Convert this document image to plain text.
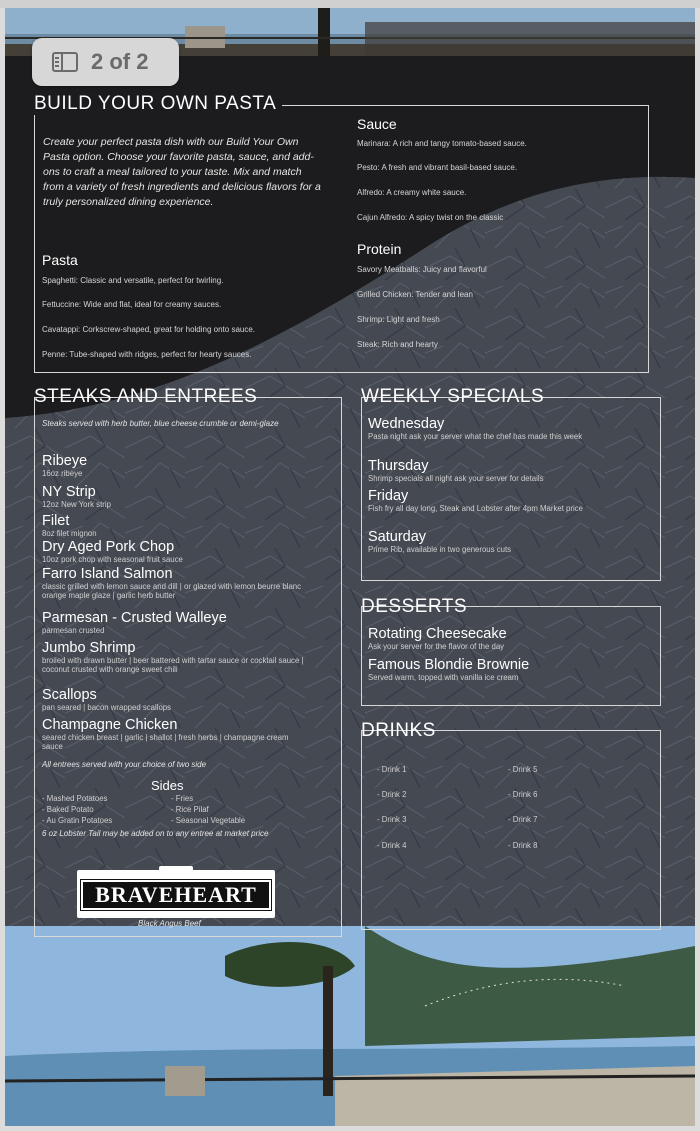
BUILD YOUR OWN PASTA
Create your perfect pasta dish with our Build Your Own Pasta option. Choose your favorite pasta, sauce, and add-ons to craft a meal tailored to your taste. Mix and match from a variety of fresh ingredients and delicious flavors for a truly personalized dining experience.
Pasta
Spaghetti: Classic and versatile, perfect for twirling.
Fettuccine: Wide and flat, ideal for creamy sauces.
Cavatappi: Corkscrew-shaped, great for holding onto sauce.
Penne: Tube-shaped with ridges, perfect for hearty sauces.
Sauce
Marinara: A rich and tangy tomato-based sauce.
Pesto: A fresh and vibrant basil-based sauce.
Alfredo: A creamy white sauce.
Cajun Alfredo: A spicy twist on the classic
Protein
Savory Meatballs: Juicy and flavorful
Grilled Chicken: Tender and lean
Shrimp: Light and fresh
Steak: Rich and hearty
STEAKS AND ENTREES
Steaks served with herb butter, blue cheese crumble or demi-glaze
Ribeye
16oz ribeye
NY Strip
12oz New York strip
Filet
8oz filet mignon
Dry Aged Pork Chop
10oz pork chop with seasonal fruit sauce
Farro Island Salmon
classic grilled with lemon sauce and dill | or glazed with lemon beurre blanc orange maple glaze | garlic herb butter
Parmesan - Crusted Walleye
parmesan crusted
Jumbo Shrimp
broiled with drawn butter | beer battered with tartar sauce or cocktail sauce | coconut crusted with orange sweet chili
Scallops
pan seared | bacon wrapped scallops
Champagne Chicken
seared chicken breast | garlic | shallot | fresh herbs | champagne cream sauce
All entrees served with your choice of two side
Sides
- Mashed Potatoes
- Baked Potato
- Au Gratin Potatoes
- Fries
- Rice Pilaf
- Seasonal Vegetable
6 oz Lobster Tail may be added on to any entree at market price
BRAVEHEART
Black Angus Beef
WEEKLY SPECIALS
Wednesday
Pasta night ask your server what the chef has made this week
Thursday
Shrimp specials all night ask your server for details
Friday
Fish fry all day long, Steak and Lobster after 4pm Market price
Saturday
Prime Rib, available in two generous cuts
DESSERTS
Rotating Cheesecake
Ask your server for the flavor of the day
Famous Blondie Brownie
Served warm, topped with vanilla ice cream
DRINKS
- Drink 1
- Drink 2
- Drink 3
- Drink 4
- Drink 5
- Drink 6
- Drink 7
- Drink 8
2 of 2
